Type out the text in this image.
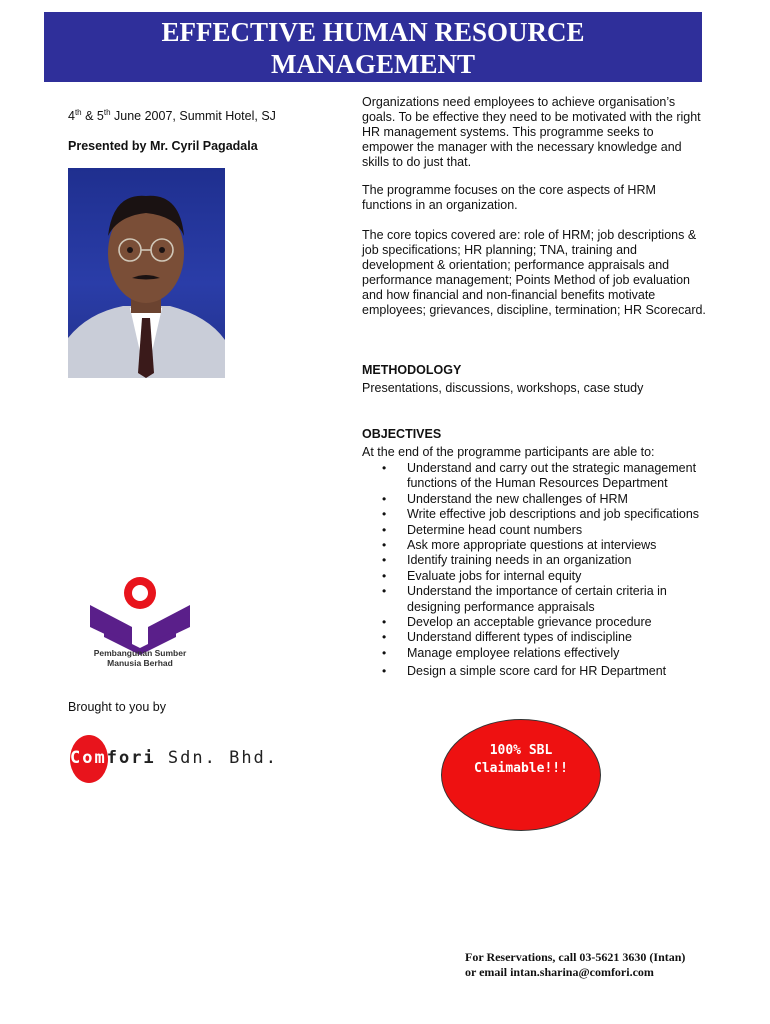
EFFECTIVE HUMAN RESOURCE
MANAGEMENT
4th & 5th June 2007, Summit Hotel, SJ
Presented by Mr. Cyril Pagadala
Pembangunan Sumber
Manusia Berhad
Brought to you by
Comfori Sdn. Bhd.
Organizations need employees to achieve organisation’s goals. To be effective they need to be motivated with the right HR management systems. This programme seeks to empower the manager with the necessary knowledge and skills to do just that.
The programme focuses on the core aspects of HRM functions in an organization.
The core topics covered are: role of HRM; job descriptions & job specifications; HR planning; TNA, training and development & orientation; performance appraisals and performance management; Points Method of job evaluation and how financial and non-financial benefits motivate employees; grievances, discipline, termination; HR Scorecard.
METHODOLOGY
Presentations, discussions, workshops, case study
OBJECTIVES
At the end of the programme participants are able to:
• Understand and carry out the strategic management functions of the Human Resources Department
• Understand the new challenges of HRM
• Write effective job descriptions and job specifications
• Determine head count numbers
• Ask more appropriate questions at interviews
• Identify training needs in an organization
• Evaluate jobs for internal equity
• Understand the importance of certain criteria in designing performance appraisals
• Develop an acceptable grievance procedure
• Understand different types of indiscipline
• Manage employee relations effectively
• Design a simple score card for HR Department
100% SBL
Claimable!!!
For Reservations, call 03-5621 3630 (Intan)
or email intan.sharina@comfori.com
